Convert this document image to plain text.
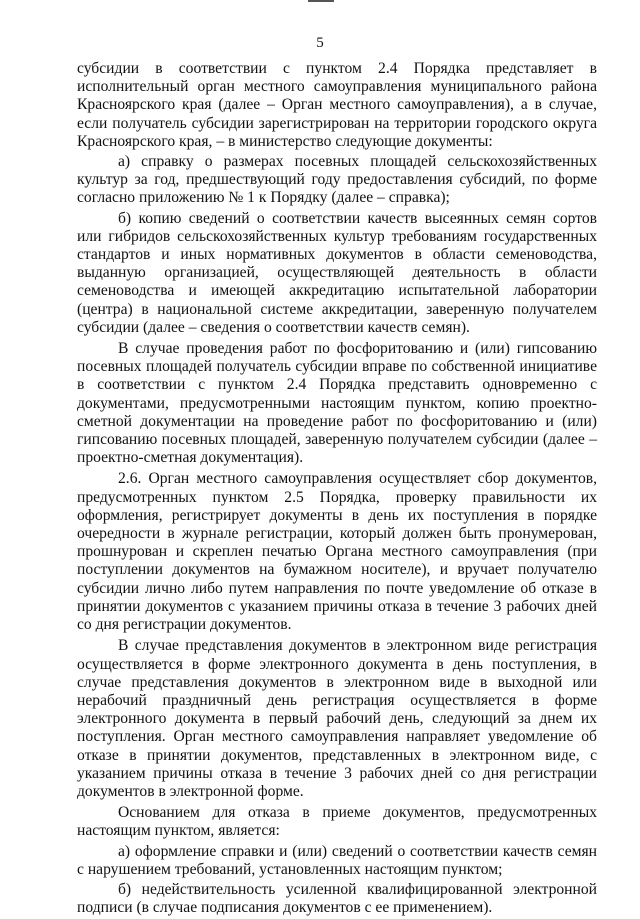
5

субсидии в соответствии с пунктом 2.4 Порядка представляет в исполнительный орган местного самоуправления муниципального района Красноярского края (далее – Орган местного самоуправления), а в случае, если получатель субсидии зарегистрирован на территории городского округа Красноярского края, – в министерство следующие документы:

а) справку о размерах посевных площадей сельскохозяйственных культур за год, предшествующий году предоставления субсидий, по форме согласно приложению № 1 к Порядку (далее – справка);

б) копию сведений о соответствии качеств высеянных семян сортов или гибридов сельскохозяйственных культур требованиям государственных стандартов и иных нормативных документов в области семеноводства, выданную организацией, осуществляющей деятельность в области семеноводства и имеющей аккредитацию испытательной лаборатории (центра) в национальной системе аккредитации, заверенную получателем субсидии (далее – сведения о соответствии качеств семян).

В случае проведения работ по фосфоритованию и (или) гипсованию посевных площадей получатель субсидии вправе по собственной инициативе в соответствии с пунктом 2.4 Порядка представить одновременно с документами, предусмотренными настоящим пунктом, копию проектно-сметной документации на проведение работ по фосфоритованию и (или) гипсованию посевных площадей, заверенную получателем субсидии (далее – проектно-сметная документация).

2.6. Орган местного самоуправления осуществляет сбор документов, предусмотренных пунктом 2.5 Порядка, проверку правильности их оформления, регистрирует документы в день их поступления в порядке очередности в журнале регистрации, который должен быть пронумерован, прошнурован и скреплен печатью Органа местного самоуправления (при поступлении документов на бумажном носителе), и вручает получателю субсидии лично либо путем направления по почте уведомление об отказе в принятии документов с указанием причины отказа в течение 3 рабочих дней со дня регистрации документов.

В случае представления документов в электронном виде регистрация осуществляется в форме электронного документа в день поступления, в случае представления документов в электронном виде в выходной или нерабочий праздничный день регистрация осуществляется в форме электронного документа в первый рабочий день, следующий за днем их поступления. Орган местного самоуправления направляет уведомление об отказе в принятии документов, представленных в электронном виде, с указанием причины отказа в течение 3 рабочих дней со дня регистрации документов в электронной форме.

Основанием для отказа в приеме документов, предусмотренных настоящим пунктом, является:

а) оформление справки и (или) сведений о соответствии качеств семян с нарушением требований, установленных настоящим пунктом;

б) недействительность усиленной квалифицированной электронной подписи (в случае подписания документов с ее применением).
